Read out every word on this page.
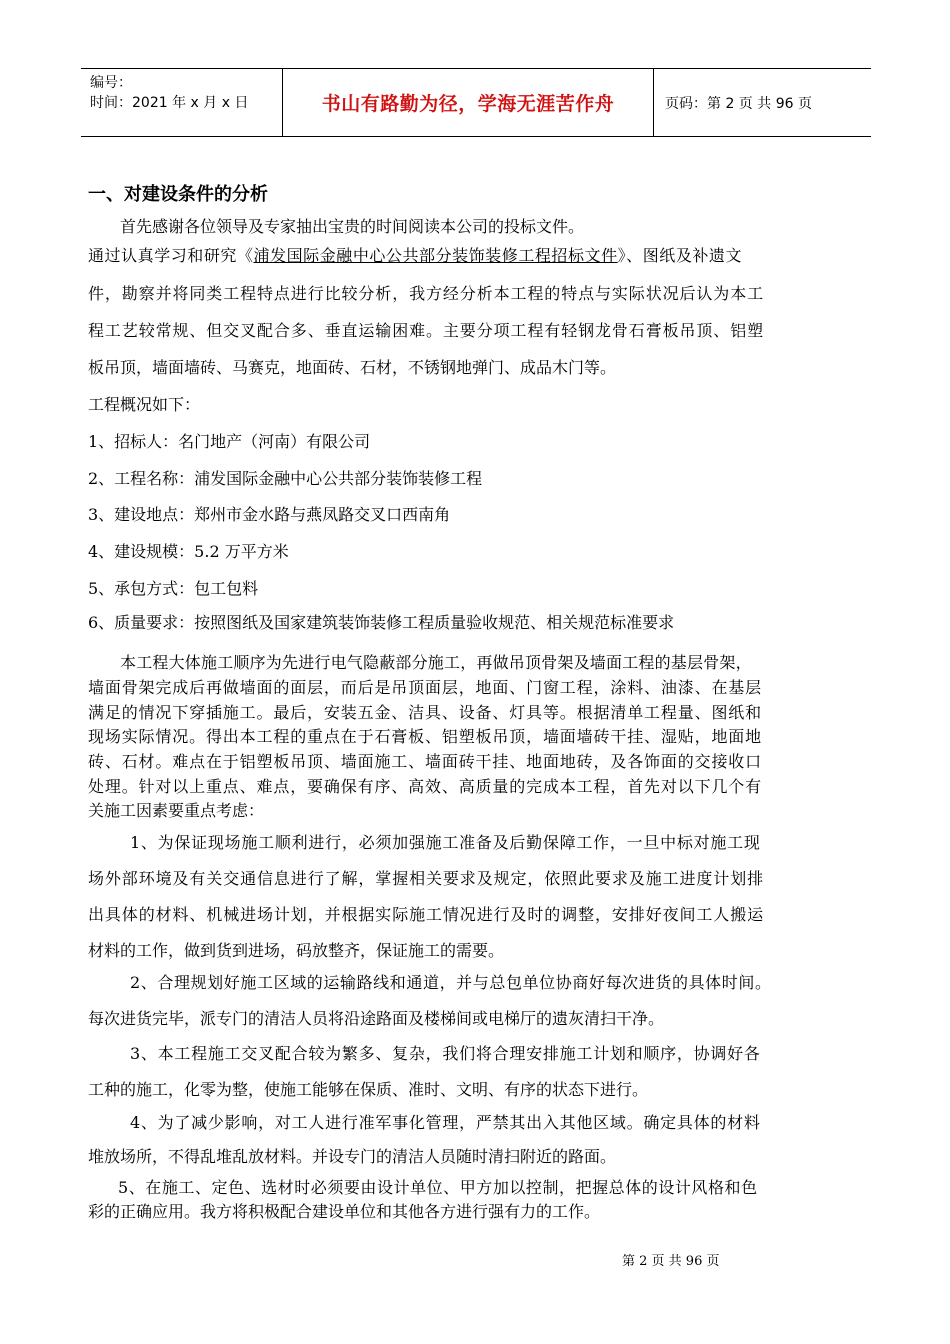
编号：
时间：2021 年 x 月 x 日	书山有路勤为径，学海无涯苦作舟	页码：第 2 页 共 96 页
一、对建设条件的分析
首先感谢各位领导及专家抽出宝贵的时间阅读本公司的投标文件。
通过认真学习和研究《浦发国际金融中心公共部分装饰装修工程招标文件》、图纸及补遗文
件，勘察并将同类工程特点进行比较分析，我方经分析本工程的特点与实际状况后认为本工
程工艺较常规、但交叉配合多、垂直运输困难。主要分项工程有轻钢龙骨石膏板吊顶、铝塑
板吊顶，墙面墙砖、马赛克，地面砖、石材，不锈钢地弹门、成品木门等。
工程概况如下：
1、招标人：名门地产（河南）有限公司
2、工程名称：浦发国际金融中心公共部分装饰装修工程
3、建设地点：郑州市金水路与燕凤路交叉口西南角
4、建设规模：5.2 万平方米
5、承包方式：包工包料
6、质量要求：按照图纸及国家建筑装饰装修工程质量验收规范、相关规范标准要求
本工程大体施工顺序为先进行电气隐蔽部分施工，再做吊顶骨架及墙面工程的基层骨架，
墙面骨架完成后再做墙面的面层，而后是吊顶面层，地面、门窗工程，涂料、油漆、在基层
满足的情况下穿插施工。最后，安装五金、洁具、设备、灯具等。根据清单工程量、图纸和
现场实际情况。得出本工程的重点在于石膏板、铝塑板吊顶，墙面墙砖干挂、湿贴，地面地
砖、石材。难点在于铝塑板吊顶、墙面施工、墙面砖干挂、地面地砖，及各饰面的交接收口
处理。针对以上重点、难点，要确保有序、高效、高质量的完成本工程，首先对以下几个有
关施工因素要重点考虑：
1、为保证现场施工顺利进行，必须加强施工准备及后勤保障工作，一旦中标对施工现
场外部环境及有关交通信息进行了解，掌握相关要求及规定，依照此要求及施工进度计划排
出具体的材料、机械进场计划，并根据实际施工情况进行及时的调整，安排好夜间工人搬运
材料的工作，做到货到进场，码放整齐，保证施工的需要。
2、合理规划好施工区域的运输路线和通道，并与总包单位协商好每次进货的具体时间。
每次进货完毕，派专门的清洁人员将沿途路面及楼梯间或电梯厅的遗灰清扫干净。
3、本工程施工交叉配合较为繁多、复杂，我们将合理安排施工计划和顺序，协调好各
工种的施工，化零为整，使施工能够在保质、准时、文明、有序的状态下进行。
4、为了减少影响，对工人进行准军事化管理，严禁其出入其他区域。确定具体的材料
堆放场所，不得乱堆乱放材料。并设专门的清洁人员随时清扫附近的路面。
5、在施工、定色、选材时必须要由设计单位、甲方加以控制，把握总体的设计风格和色
彩的正确应用。我方将积极配合建设单位和其他各方进行强有力的工作。
第 2 页 共 96 页
